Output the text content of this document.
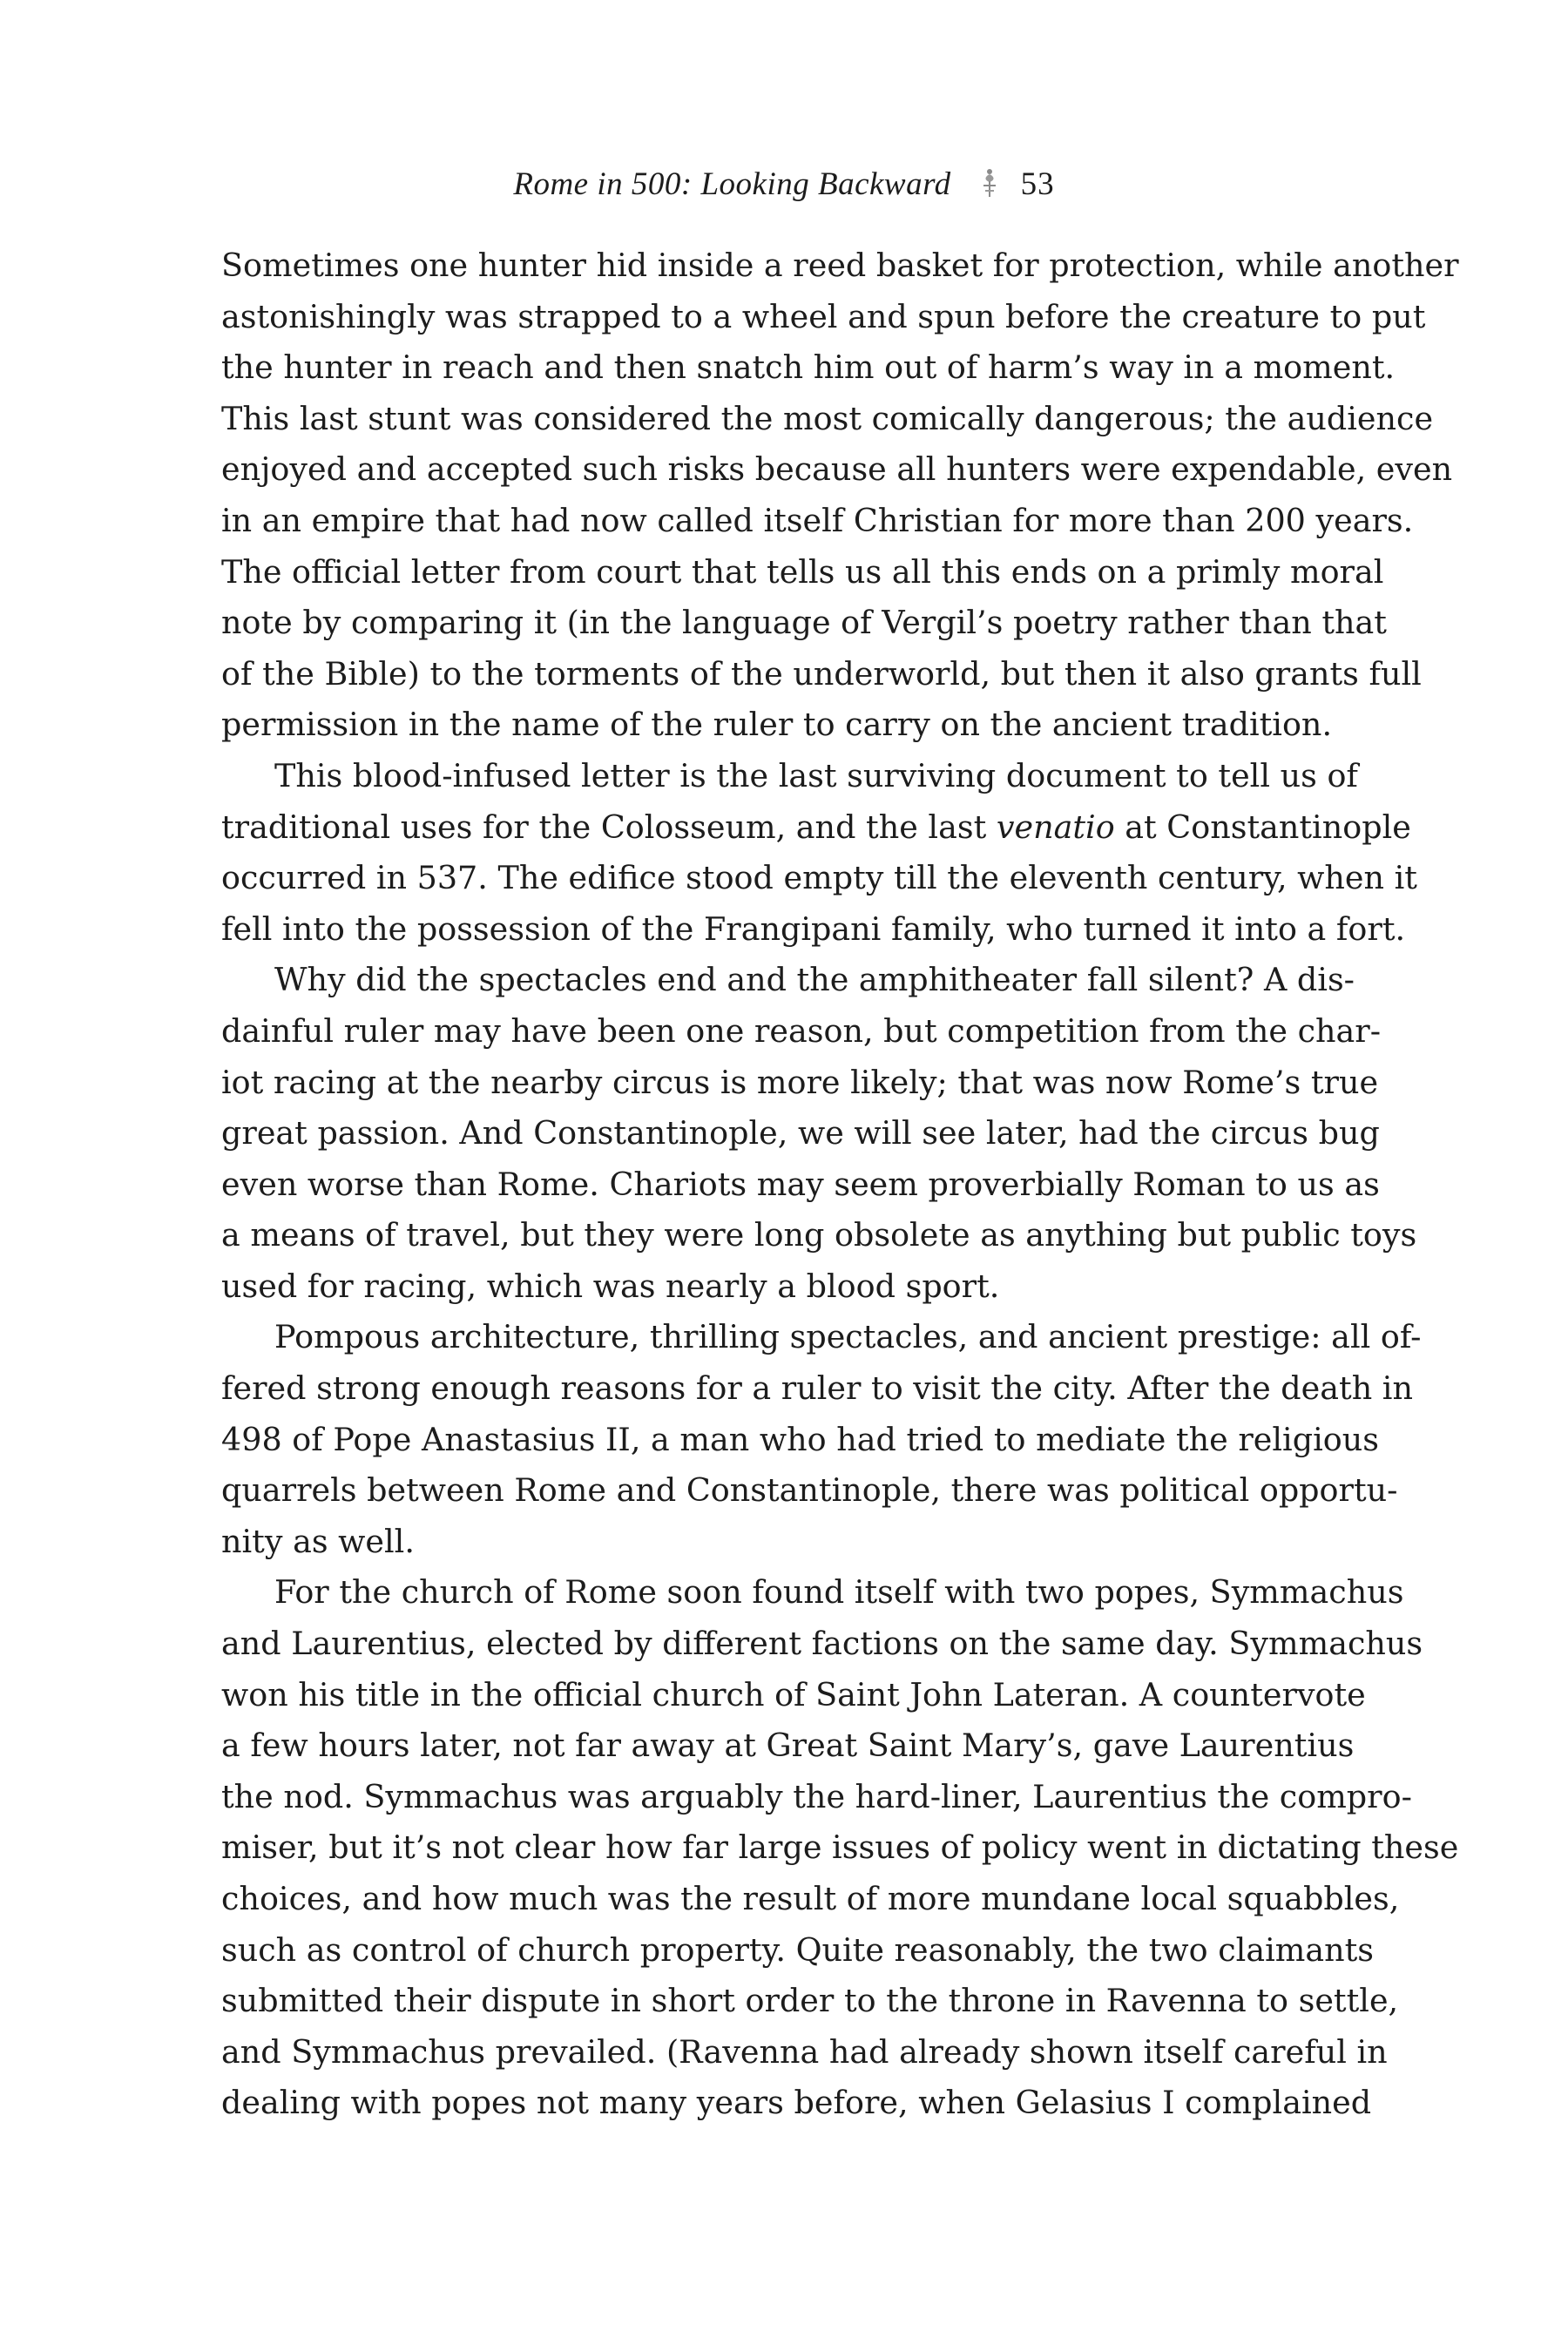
Rome in 500: Looking Backward 53
Sometimes one hunter hid inside a reed basket for protection, while another
astonishingly was strapped to a wheel and spun before the creature to put
the hunter in reach and then snatch him out of harm’s way in a moment.
This last stunt was considered the most comically dangerous; the audience
enjoyed and accepted such risks because all hunters were expendable, even
in an empire that had now called itself Christian for more than 200 years.
The official letter from court that tells us all this ends on a primly moral
note by comparing it (in the language of Vergil’s poetry rather than that
of the Bible) to the torments of the underworld, but then it also grants full
permission in the name of the ruler to carry on the ancient tradition.
This blood-infused letter is the last surviving document to tell us of
traditional uses for the Colosseum, and the last venatio at Constantinople
occurred in 537. The edifice stood empty till the eleventh century, when it
fell into the possession of the Frangipani family, who turned it into a fort.
Why did the spectacles end and the amphitheater fall silent? A dis-
dainful ruler may have been one reason, but competition from the char-
iot racing at the nearby circus is more likely; that was now Rome’s true
great passion. And Constantinople, we will see later, had the circus bug
even worse than Rome. Chariots may seem proverbially Roman to us as
a means of travel, but they were long obsolete as anything but public toys
used for racing, which was nearly a blood sport.
Pompous architecture, thrilling spectacles, and ancient prestige: all of-
fered strong enough reasons for a ruler to visit the city. After the death in
498 of Pope Anastasius II, a man who had tried to mediate the religious
quarrels between Rome and Constantinople, there was political opportu-
nity as well.
For the church of Rome soon found itself with two popes, Symmachus
and Laurentius, elected by different factions on the same day. Symmachus
won his title in the official church of Saint John Lateran. A countervote
a few hours later, not far away at Great Saint Mary’s, gave Laurentius
the nod. Symmachus was arguably the hard-liner, Laurentius the compro-
miser, but it’s not clear how far large issues of policy went in dictating these
choices, and how much was the result of more mundane local squabbles,
such as control of church property. Quite reasonably, the two claimants
submitted their dispute in short order to the throne in Ravenna to settle,
and Symmachus prevailed. (Ravenna had already shown itself careful in
dealing with popes not many years before, when Gelasius I complained
